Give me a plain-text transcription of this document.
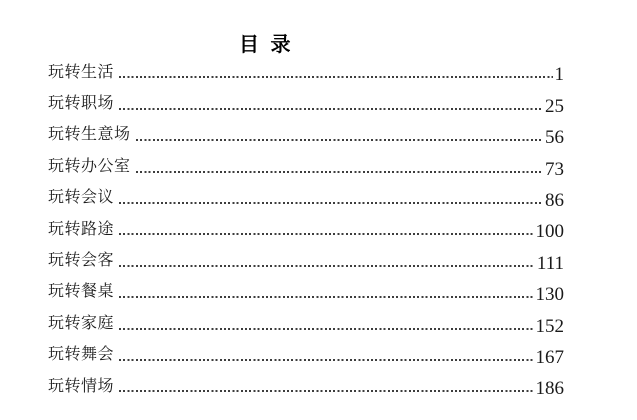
目 录
玩转生活	1
玩转职场	25
玩转生意场	56
玩转办公室	73
玩转会议	86
玩转路途	100
玩转会客	111
玩转餐桌	130
玩转家庭	152
玩转舞会	167
玩转情场	186
